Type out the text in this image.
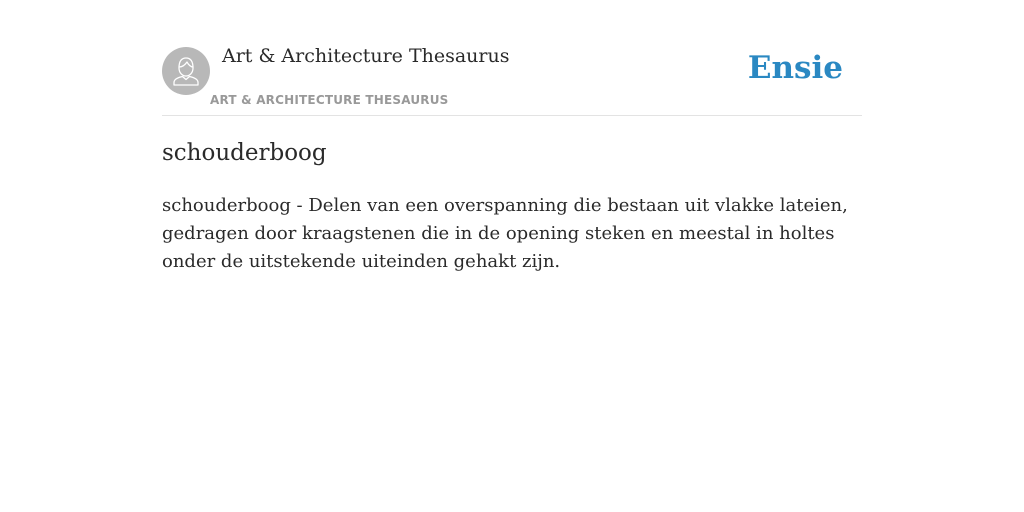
Art & Architecture Thesaurus
ART & ARCHITECTURE THESAURUS
Ensie
schouderboog

schouderboog - Delen van een overspanning die bestaan uit vlakke lateien, gedragen door kraagstenen die in de opening steken en meestal in holtes onder de uitstekende uiteinden gehakt zijn.
